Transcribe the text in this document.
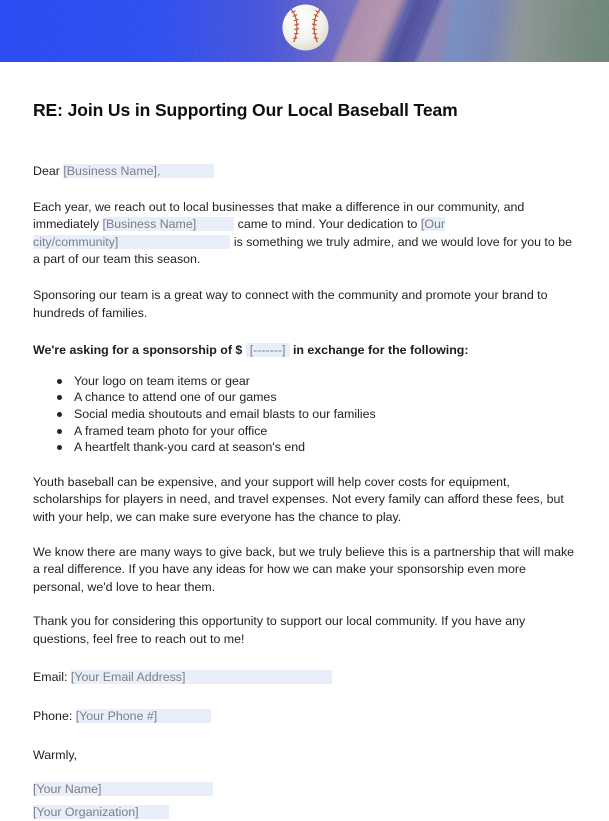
RE: Join Us in Supporting Our Local Baseball Team
Dear [Business Name],
Each year, we reach out to local businesses that make a difference in our community, and immediately [Business Name]	came to mind. Your dedication to [Our city/community]	is something we truly admire, and we would love for you to be a part of our team this season.
Sponsoring our team is a great way to connect with the community and promote your brand to hundreds of families.
We're asking for a sponsorship of $ [-------] in exchange for the following:
Your logo on team items or gear
A chance to attend one of our games
Social media shoutouts and email blasts to our families
A framed team photo for your office
A heartfelt thank-you card at season's end
Youth baseball can be expensive, and your support will help cover costs for equipment, scholarships for players in need, and travel expenses. Not every family can afford these fees, but with your help, we can make sure everyone has the chance to play.
We know there are many ways to give back, but we truly believe this is a partnership that will make a real difference. If you have any ideas for how we can make your sponsorship even more personal, we'd love to hear them.
Thank you for considering this opportunity to support our local community. If you have any questions, feel free to reach out to me!
Email: [Your Email Address]
Phone: [Your Phone #]
Warmly,
[Your Name]
[Your Organization]
